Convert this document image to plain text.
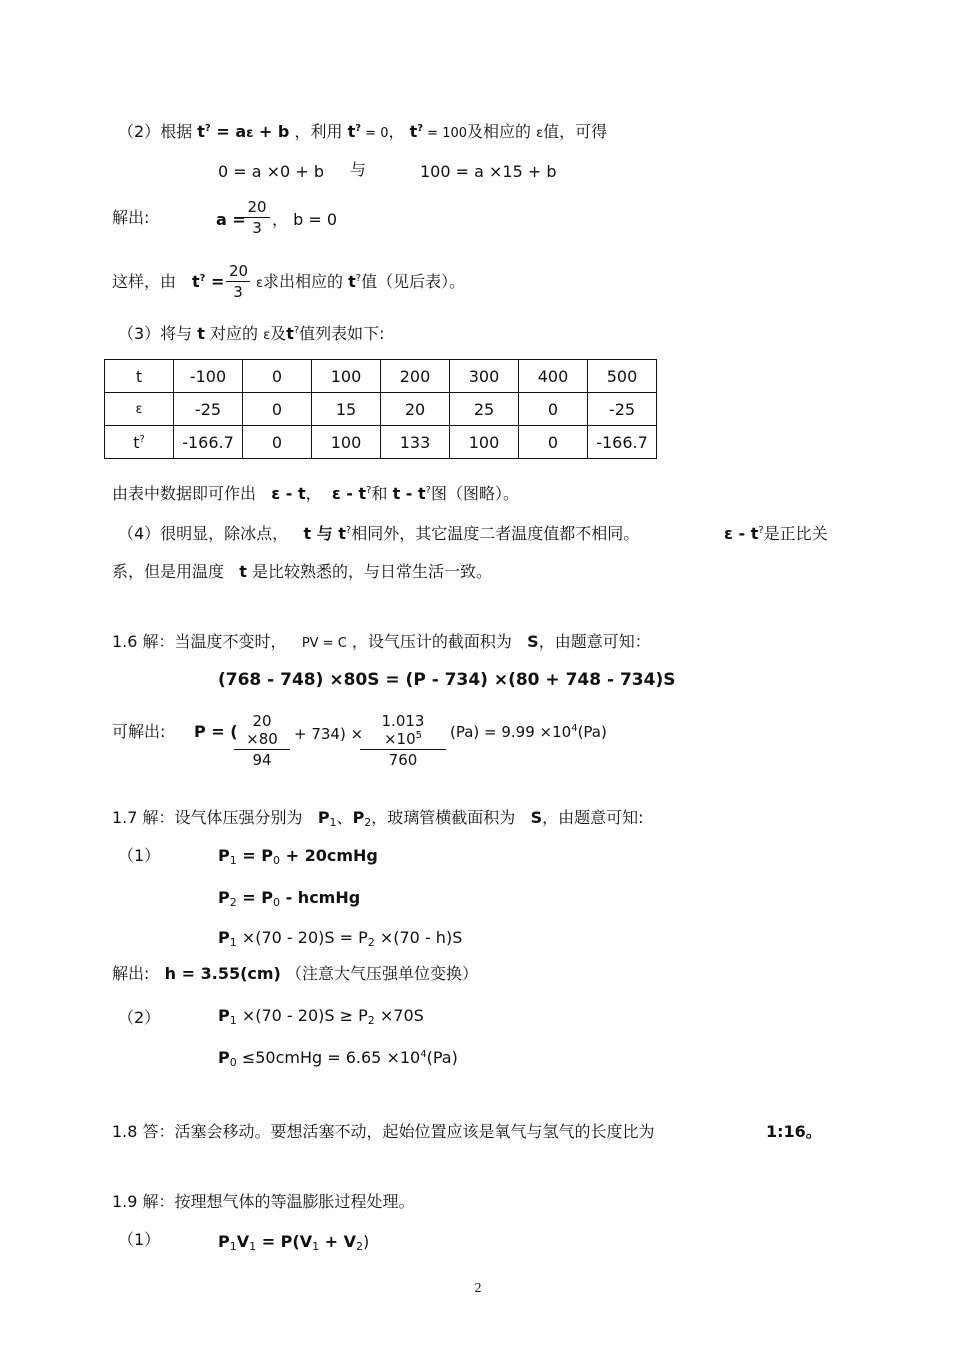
（2）根据 t? = aε + b ，利用 t? = 0， t? = 100及相应的 ε值，可得
0 = a ×0 + b 与	100 = a ×15 + b
解出:	a =
$\frac{20}{3}$ ， b = 0
这样，由 $t^? = \frac{20}{3}$ ε求出相应的 t?值（见后表）。
（3）将与 t 对应的 ε及t?值列表如下:
t	-100	0	100	200	300	400	500
ε	-25	0	15	20	25	0	-25
t?	-166.7	0	100	133	100	0	-166.7
由表中数据即可作出 ε - t， ε - t?和 t - t?图（图略）。
（4）很明显，除冰点， t 与 t?相同外，其它温度二者温度值都不相同。	ε - t?是正比关
系，但是用温度 t 是比较熟悉的，与日常生活一致。
1.6 解：当温度不变时， PV = C ，设气压计的截面积为 S，由题意可知：
(768 - 748) ×80S = (P - 734) ×(80 + 748 - 734)S
可解出: P = (
$\frac{20 \times 80}{94} + 734$) ×
$\frac{1.013 \times 10^5}{760} (Pa) = 9.99 \times 10^4(Pa)$
1.7 解：设气体压强分别为 $P_1$、$P_2$，玻璃管横截面积为 S，由题意可知:
（1）	$P_1 = P_0$ + 20cmHg
$P_2 = P_0$ - hcmHg
$P_1 \times(70 - 20)S = P_2 \times(70 - h)S$
解出: h = 3.55(cm) （注意大气压强单位变换）
（2）	$P_1 \times(70 - 20)S \ge P_2 \times 70S$
$P_0$ ≤50cmHg = $6.65 \times 10^4(Pa)$
1.8 答：活塞会移动。要想活塞不动，起始位置应该是氧气与氢气的长度比为	1:16。
1.9 解：按理想气体的等温膨胀过程处理。
（1）	$P_1V_1 = P(V_1 + V_2)$
2
